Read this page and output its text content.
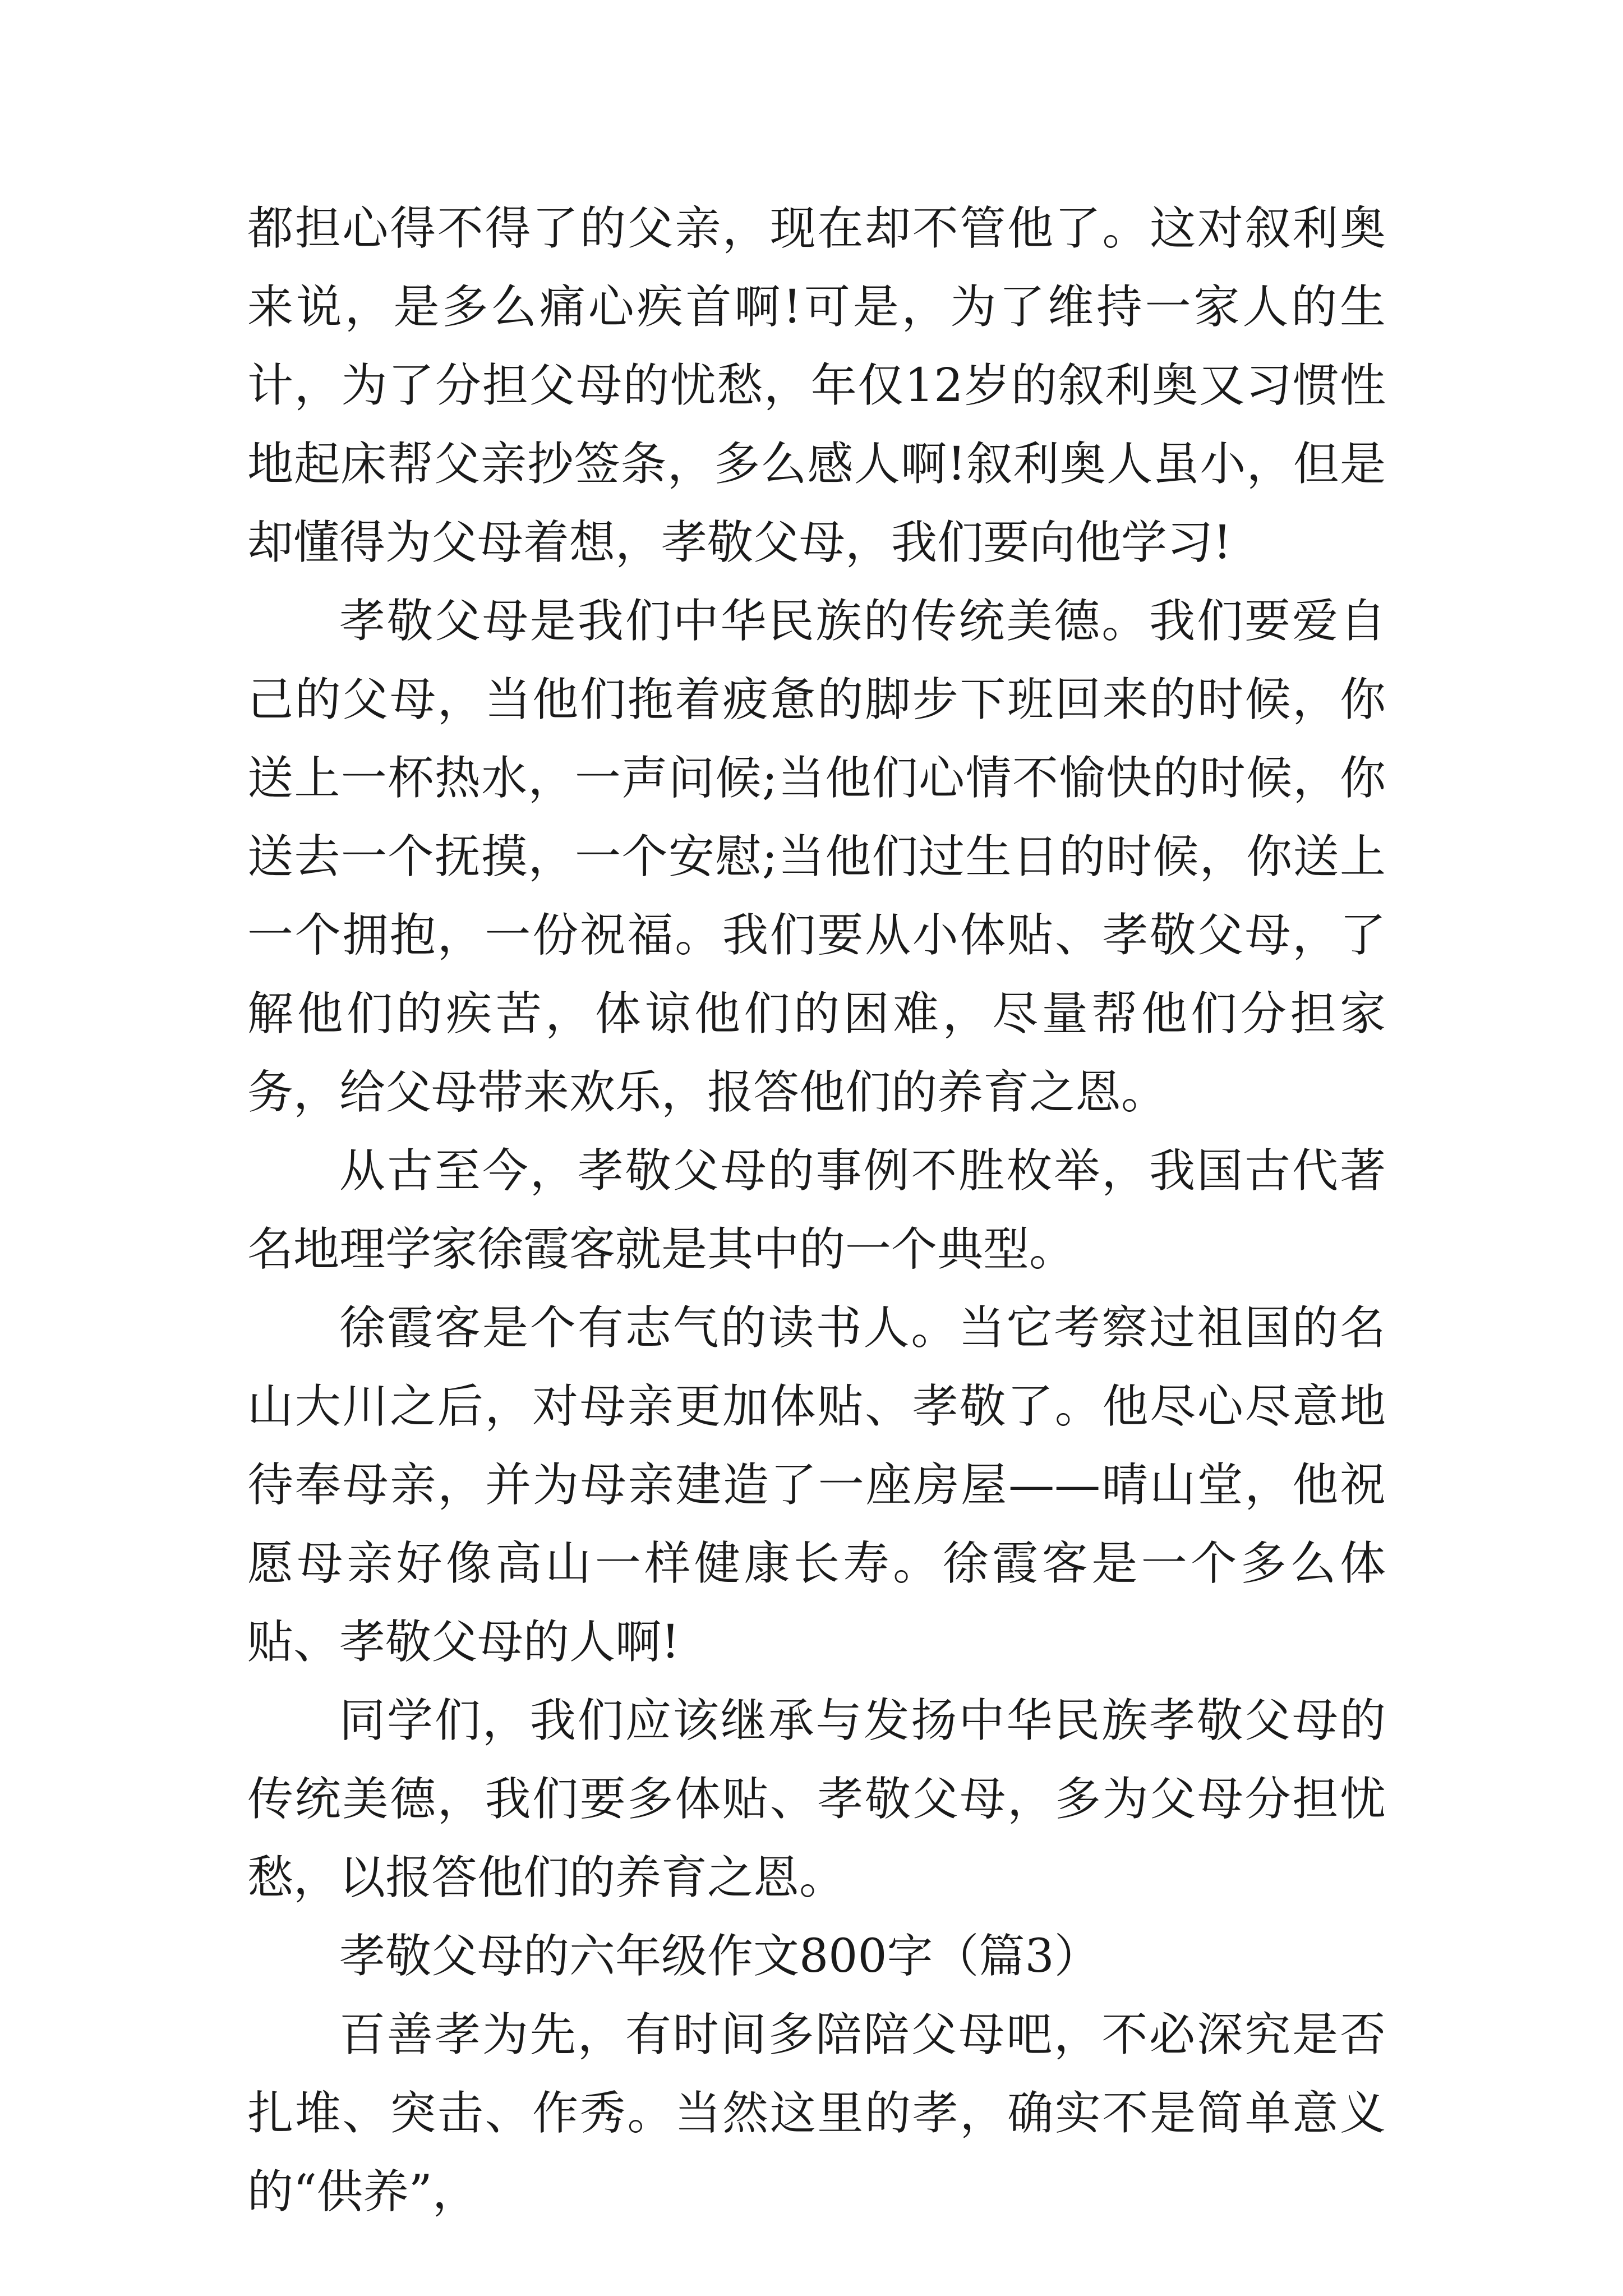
都担心得不得了的父亲，现在却不管他了。这对叙利奥来说，是多么痛心疾首啊!可是，为了维持一家人的生计，为了分担父母的忧愁，年仅12岁的叙利奥又习惯性地起床帮父亲抄签条，多么感人啊!叙利奥人虽小，但是却懂得为父母着想，孝敬父母，我们要向他学习!

孝敬父母是我们中华民族的传统美德。我们要爱自己的父母，当他们拖着疲惫的脚步下班回来的时候，你送上一杯热水，一声问候;当他们心情不愉快的时候，你送去一个抚摸，一个安慰;当他们过生日的时候，你送上一个拥抱，一份祝福。我们要从小体贴、孝敬父母，了解他们的疾苦，体谅他们的困难，尽量帮他们分担家务，给父母带来欢乐，报答他们的养育之恩。

从古至今，孝敬父母的事例不胜枚举，我国古代著名地理学家徐霞客就是其中的一个典型。

徐霞客是个有志气的读书人。当它考察过祖国的名山大川之后，对母亲更加体贴、孝敬了。他尽心尽意地待奉母亲，并为母亲建造了一座房屋——晴山堂，他祝愿母亲好像高山一样健康长寿。徐霞客是一个多么体贴、孝敬父母的人啊!

同学们，我们应该继承与发扬中华民族孝敬父母的传统美德，我们要多体贴、孝敬父母，多为父母分担忧愁，以报答他们的养育之恩。

孝敬父母的六年级作文800字（篇3）

百善孝为先，有时间多陪陪父母吧，不必深究是否扎堆、突击、作秀。当然这里的孝，确实不是简单意义的“供养”，
